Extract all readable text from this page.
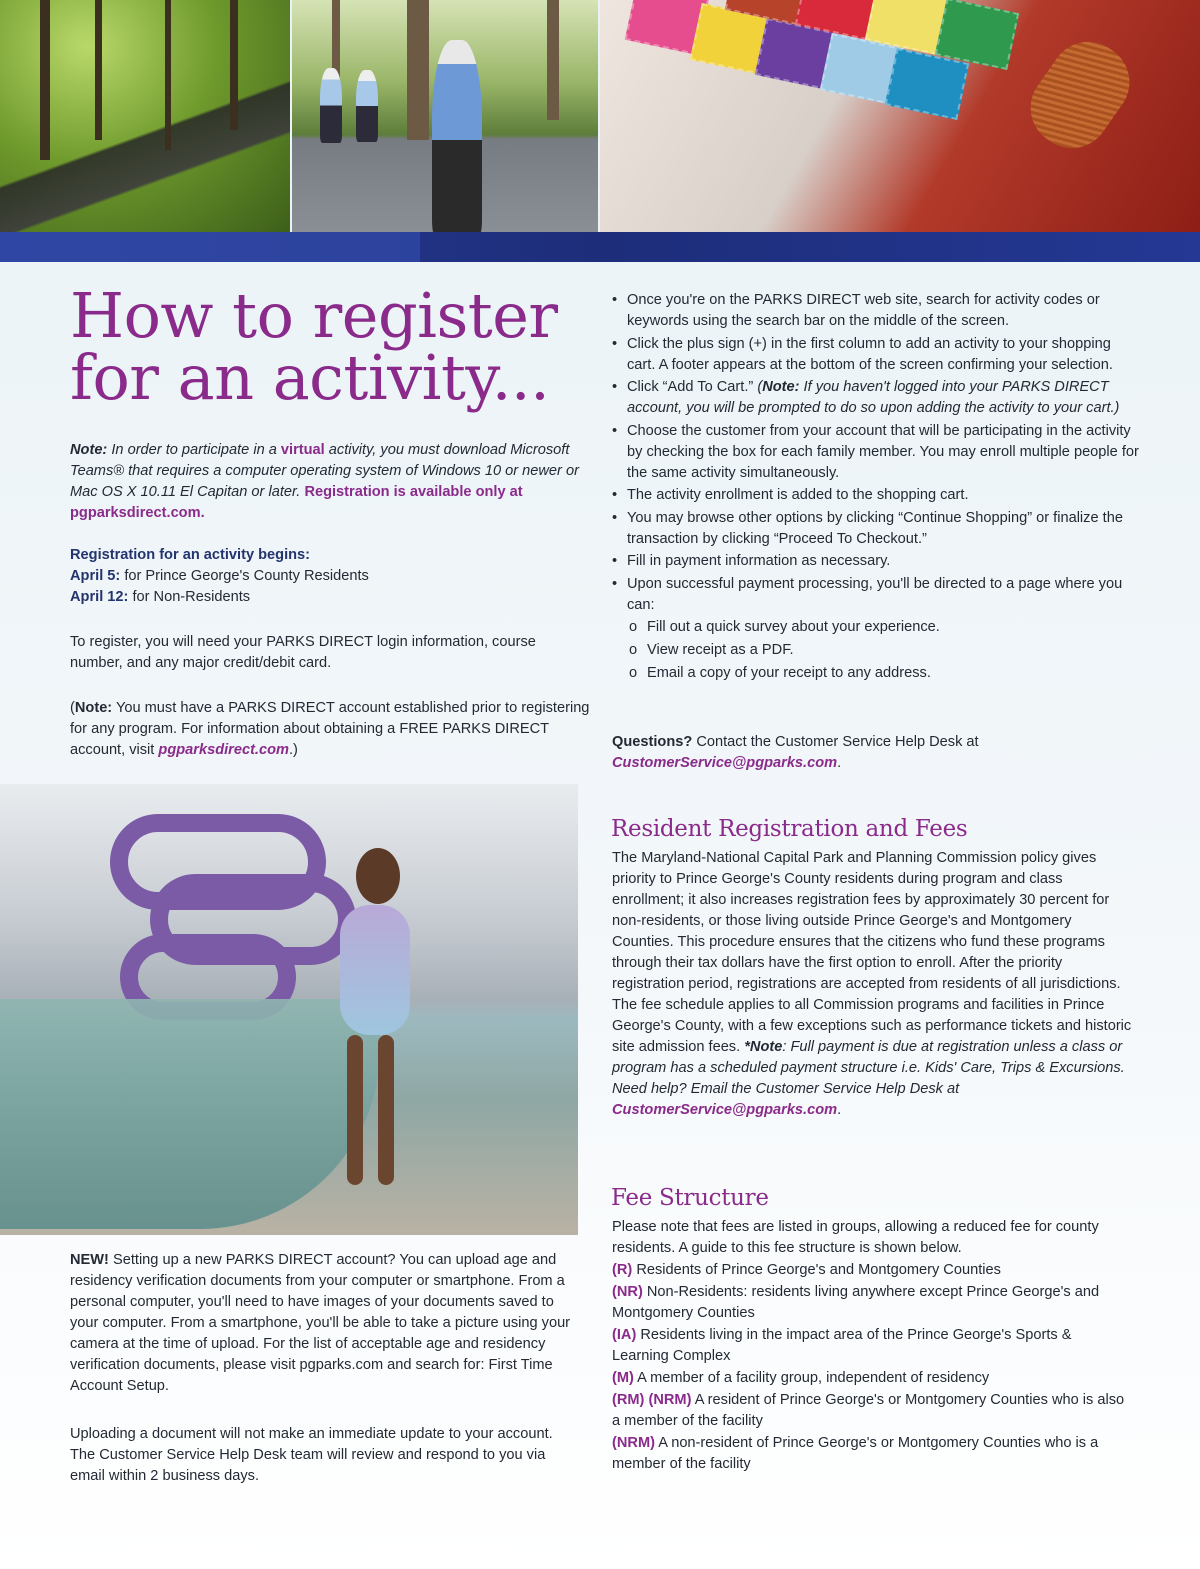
How to register for an activity...

Note: In order to participate in a virtual activity, you must download Microsoft Teams® that requires a computer operating system of Windows 10 or newer or Mac OS X 10.11 El Capitan or later. Registration is available only at pgparksdirect.com.

Registration for an activity begins:
April 5: for Prince George's County Residents
April 12: for Non-Residents

To register, you will need your PARKS DIRECT login information, course number, and any major credit/debit card.

(Note: You must have a PARKS DIRECT account established prior to registering for any program. For information about obtaining a FREE PARKS DIRECT account, visit pgparksdirect.com.)

NEW! Setting up a new PARKS DIRECT account? You can upload age and residency verification documents from your computer or smartphone. From a personal computer, you'll need to have images of your documents saved to your computer. From a smartphone, you'll be able to take a picture using your camera at the time of upload. For the list of acceptable age and residency verification documents, please visit pgparks.com and search for: First Time Account Setup.

Uploading a document will not make an immediate update to your account. The Customer Service Help Desk team will review and respond to you via email within 2 business days.

• Once you're on the PARKS DIRECT web site, search for activity codes or keywords using the search bar on the middle of the screen.
• Click the plus sign (+) in the first column to add an activity to your shopping cart. A footer appears at the bottom of the screen confirming your selection.
• Click “Add To Cart.” (Note: If you haven't logged into your PARKS DIRECT account, you will be prompted to do so upon adding the activity to your cart.)
• Choose the customer from your account that will be participating in the activity by checking the box for each family member. You may enroll multiple people for the same activity simultaneously.
• The activity enrollment is added to the shopping cart.
• You may browse other options by clicking “Continue Shopping” or finalize the transaction by clicking “Proceed To Checkout.”
• Fill in payment information as necessary.
• Upon successful payment processing, you'll be directed to a page where you can:
o Fill out a quick survey about your experience.
o View receipt as a PDF.
o Email a copy of your receipt to any address.

Questions? Contact the Customer Service Help Desk at
CustomerService@pgparks.com.

Resident Registration and Fees

The Maryland-National Capital Park and Planning Commission policy gives priority to Prince George's County residents during program and class enrollment; it also increases registration fees by approximately 30 percent for non-residents, or those living outside Prince George's and Montgomery Counties. This procedure ensures that the citizens who fund these programs through their tax dollars have the first option to enroll. After the priority registration period, registrations are accepted from residents of all jurisdictions. The fee schedule applies to all Commission programs and facilities in Prince George's County, with a few exceptions such as performance tickets and historic site admission fees. *Note: Full payment is due at registration unless a class or program has a scheduled payment structure i.e. Kids' Care, Trips & Excursions.
Need help? Email the Customer Service Help Desk at
CustomerService@pgparks.com.

Fee Structure
Please note that fees are listed in groups, allowing a reduced fee for county residents. A guide to this fee structure is shown below.
(R) Residents of Prince George's and Montgomery Counties
(NR) Non-Residents: residents living anywhere except Prince George's and Montgomery Counties
(IA) Residents living in the impact area of the Prince George's Sports & Learning Complex
(M) A member of a facility group, independent of residency
(RM) (NRM) A resident of Prince George's or Montgomery Counties who is also a member of the facility
(NRM) A non-resident of Prince George's or Montgomery Counties who is a member of the facility
